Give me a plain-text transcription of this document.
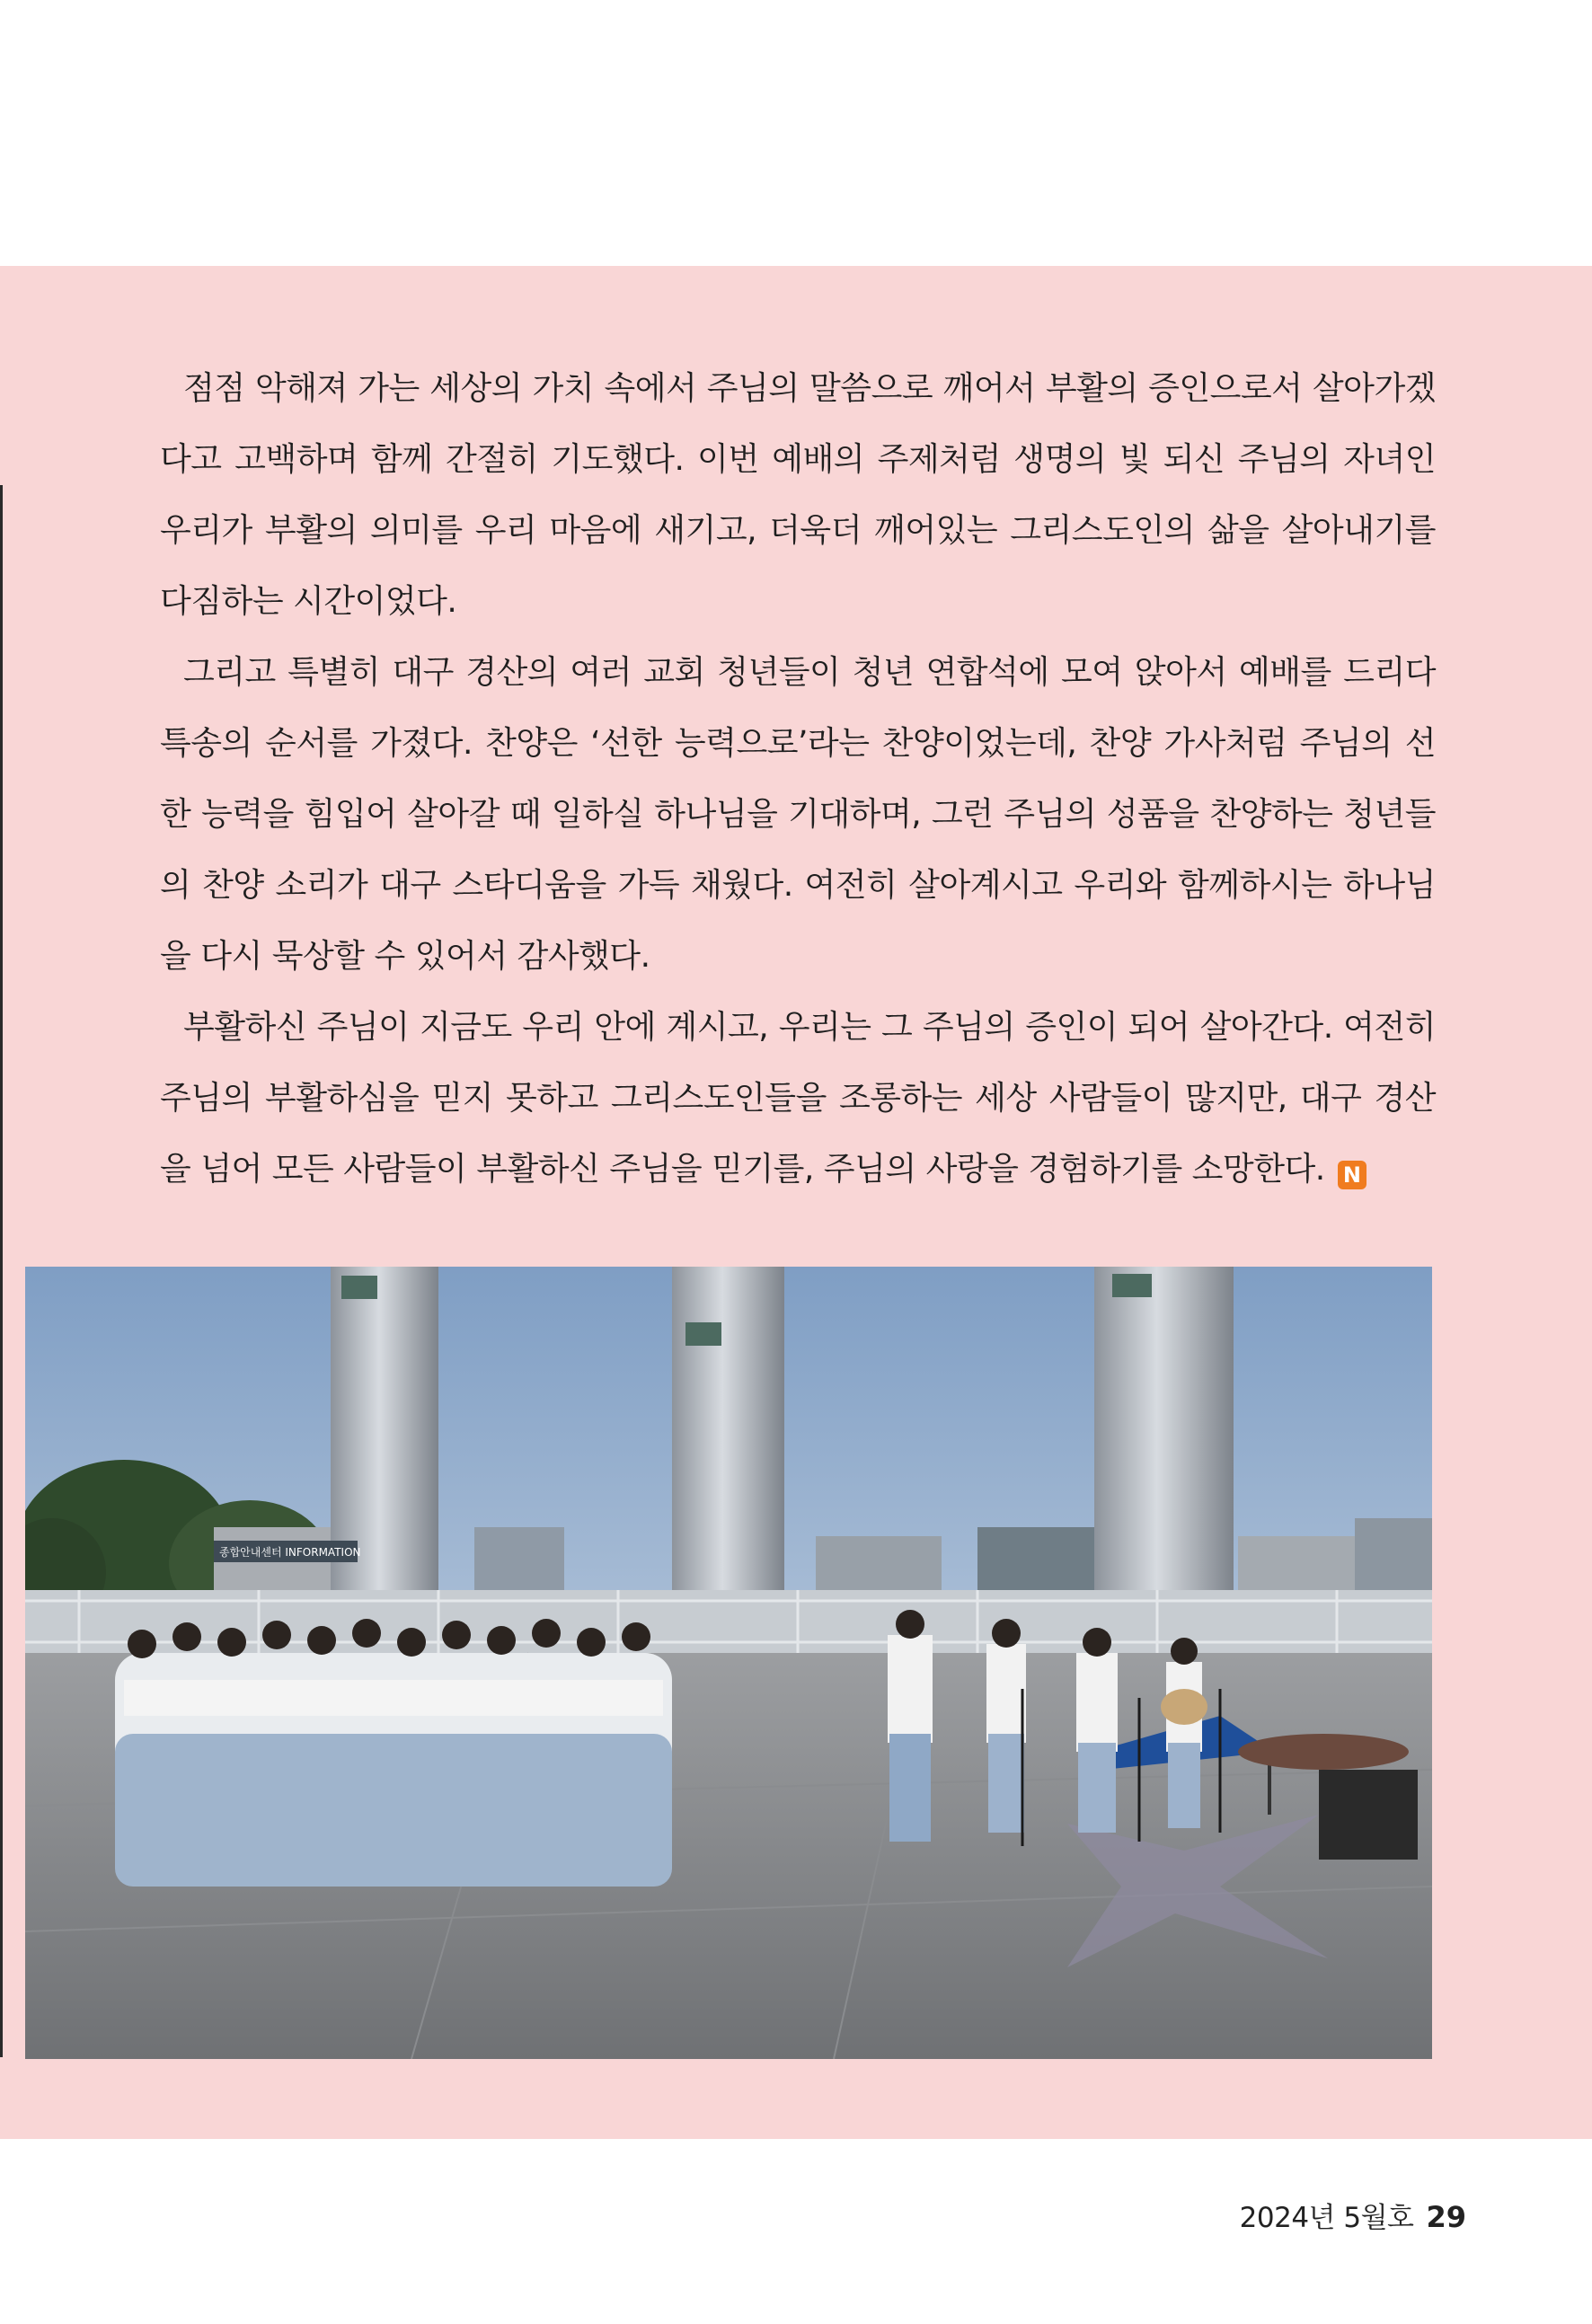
점점 악해져 가는 세상의 가치 속에서 주님의 말씀으로 깨어서 부활의 증인으로서 살아가겠다고 고백하며 함께 간절히 기도했다. 이번 예배의 주제처럼 생명의 빛 되신 주님의 자녀인 우리가 부활의 의미를 우리 마음에 새기고, 더욱더 깨어있는 그리스도인의 삶을 살아내기를 다짐하는 시간이었다.

그리고 특별히 대구 경산의 여러 교회 청년들이 청년 연합석에 모여 앉아서 예배를 드리다 특송의 순서를 가졌다. 찬양은 ‘선한 능력으로’라는 찬양이었는데, 찬양 가사처럼 주님의 선한 능력을 힘입어 살아갈 때 일하실 하나님을 기대하며, 그런 주님의 성품을 찬양하는 청년들의 찬양 소리가 대구 스타디움을 가득 채웠다. 여전히 살아계시고 우리와 함께하시는 하나님을 다시 묵상할 수 있어서 감사했다.

부활하신 주님이 지금도 우리 안에 계시고, 우리는 그 주님의 증인이 되어 살아간다. 여전히 주님의 부활하심을 믿지 못하고 그리스도인들을 조롱하는 세상 사람들이 많지만, 대구 경산을 넘어 모든 사람들이 부활하신 주님을 믿기를, 주님의 사랑을 경험하기를 소망한다. N

종합안내센터 INFORMATION
2024년 5월호 29
